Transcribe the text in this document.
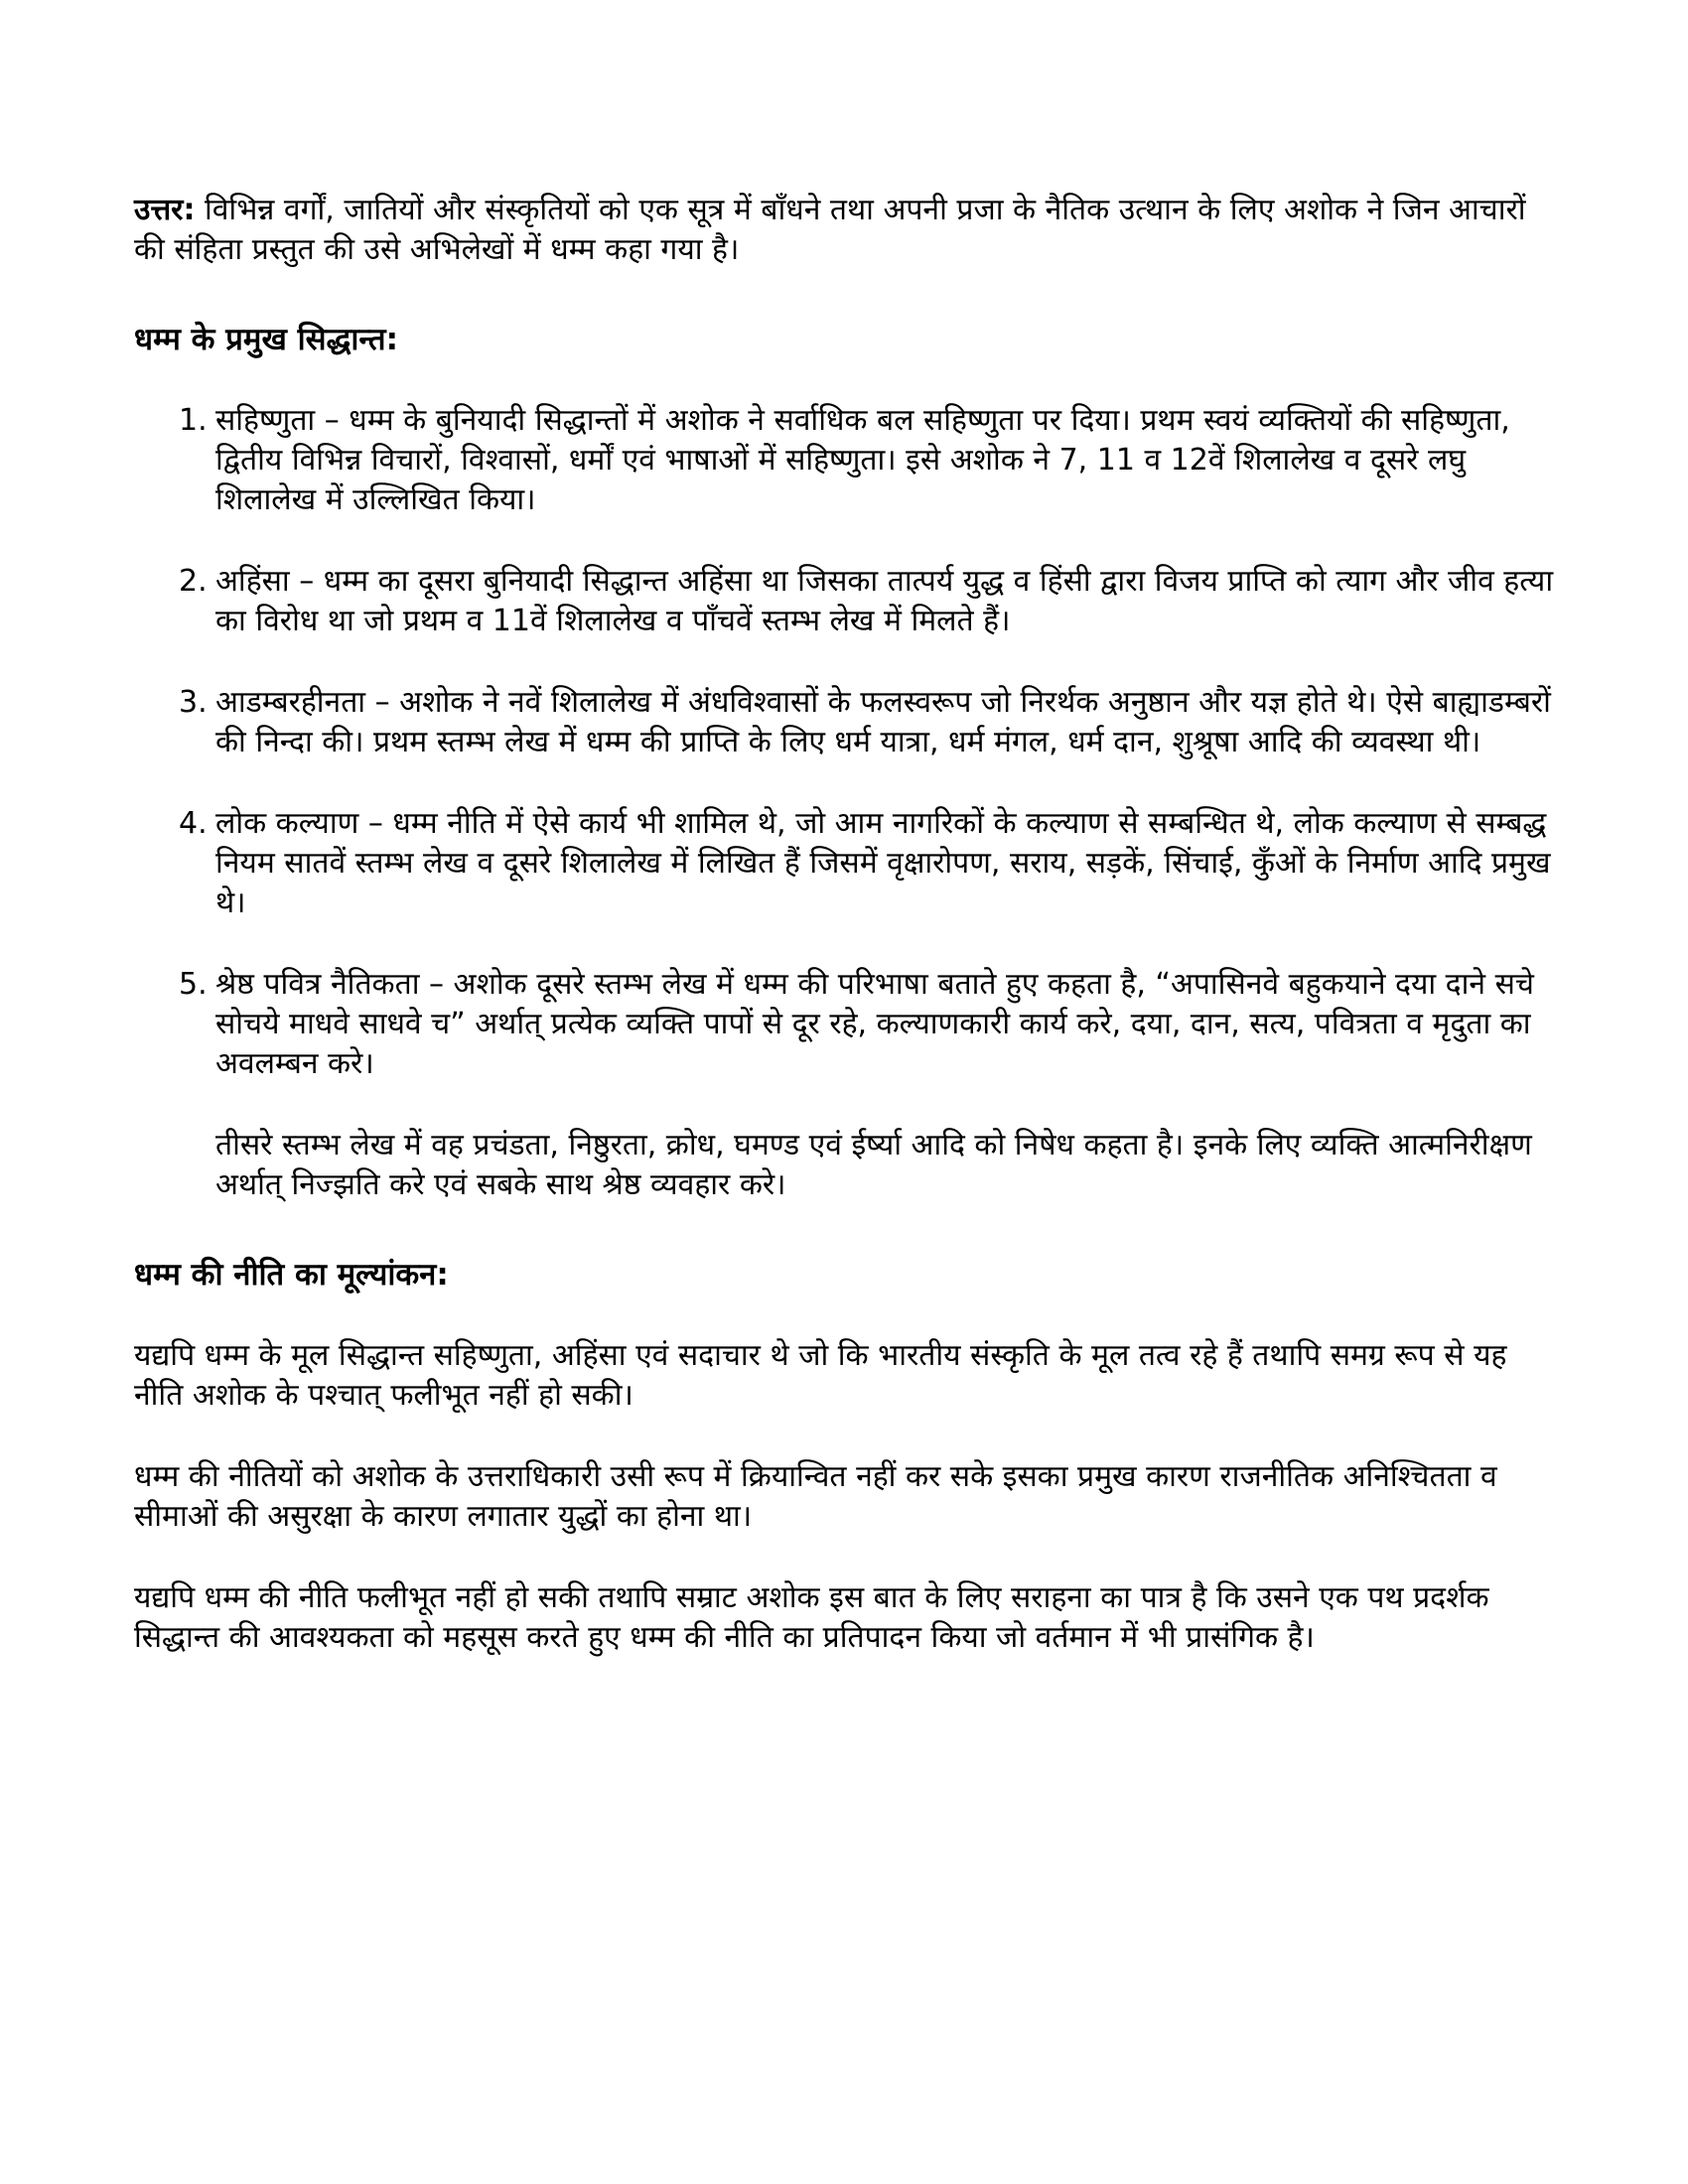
उत्तर: विभिन्न वर्गों, जातियों और संस्कृतियों को एक सूत्र में बाँधने तथा अपनी प्रजा के नैतिक उत्थान के लिए अशोक ने जिन आचारों की संहिता प्रस्तुत की उसे अभिलेखों में धम्म कहा गया है।

धम्म के प्रमुख सिद्धान्त:
1. सहिष्णुता – धम्म के बुनियादी सिद्धान्तों में अशोक ने सर्वाधिक बल सहिष्णुता पर दिया। प्रथम स्वयं व्यक्तियों की सहिष्णुता, द्वितीय विभिन्न विचारों, विश्वासों, धर्मों एवं भाषाओं में सहिष्णुता। इसे अशोक ने 7, 11 व 12वें शिलालेख व दूसरे लघु शिलालेख में उल्लिखित किया।
2. अहिंसा – धम्म का दूसरा बुनियादी सिद्धान्त अहिंसा था जिसका तात्पर्य युद्ध व हिंसी द्वारा विजय प्राप्ति को त्याग और जीव हत्या का विरोध था जो प्रथम व 11वें शिलालेख व पाँचवें स्तम्भ लेख में मिलते हैं।
3. आडम्बरहीनता – अशोक ने नवें शिलालेख में अंधविश्वासों के फलस्वरूप जो निरर्थक अनुष्ठान और यज्ञ होते थे। ऐसे बाह्याडम्बरों की निन्दा की। प्रथम स्तम्भ लेख में धम्म की प्राप्ति के लिए धर्म यात्रा, धर्म मंगल, धर्म दान, शुश्रूषा आदि की व्यवस्था थी।
4. लोक कल्याण – धम्म नीति में ऐसे कार्य भी शामिल थे, जो आम नागरिकों के कल्याण से सम्बन्धित थे, लोक कल्याण से सम्बद्ध नियम सातवें स्तम्भ लेख व दूसरे शिलालेख में लिखित हैं जिसमें वृक्षारोपण, सराय, सड़कें, सिंचाई, कुँओं के निर्माण आदि प्रमुख थे।
5. श्रेष्ठ पवित्र नैतिकता – अशोक दूसरे स्तम्भ लेख में धम्म की परिभाषा बताते हुए कहता है, “अपासिनवे बहुकयाने दया दाने सचे सोचये माधवे साधवे च” अर्थात् प्रत्येक व्यक्ति पापों से दूर रहे, कल्याणकारी कार्य करे, दया, दान, सत्य, पवित्रता व मृदुता का अवलम्बन करे।

तीसरे स्तम्भ लेख में वह प्रचंडता, निष्ठुरता, क्रोध, घमण्ड एवं ईर्ष्या आदि को निषेध कहता है। इनके लिए व्यक्ति आत्मनिरीक्षण अर्थात् निज्झति करे एवं सबके साथ श्रेष्ठ व्यवहार करे।

धम्म की नीति का मूल्यांकन:

यद्यपि धम्म के मूल सिद्धान्त सहिष्णुता, अहिंसा एवं सदाचार थे जो कि भारतीय संस्कृति के मूल तत्व रहे हैं तथापि समग्र रूप से यह नीति अशोक के पश्चात् फलीभूत नहीं हो सकी।

धम्म की नीतियों को अशोक के उत्तराधिकारी उसी रूप में क्रियान्वित नहीं कर सके इसका प्रमुख कारण राजनीतिक अनिश्चितता व सीमाओं की असुरक्षा के कारण लगातार युद्धों का होना था।

यद्यपि धम्म की नीति फलीभूत नहीं हो सकी तथापि सम्राट अशोक इस बात के लिए सराहना का पात्र है कि उसने एक पथ प्रदर्शक सिद्धान्त की आवश्यकता को महसूस करते हुए धम्म की नीति का प्रतिपादन किया जो वर्तमान में भी प्रासंगिक है।
